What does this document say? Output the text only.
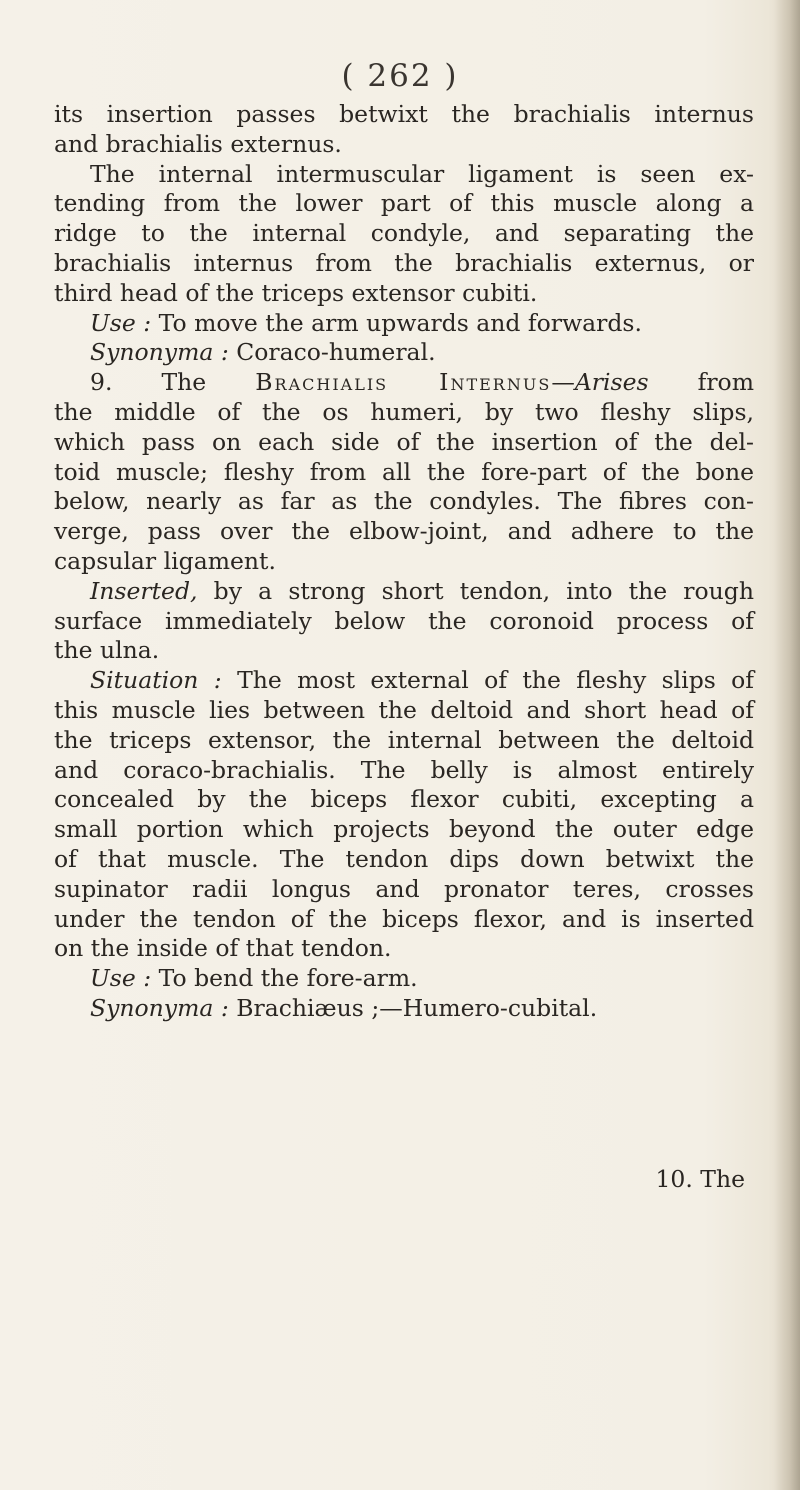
( 262 )
its insertion passes betwixt the brachialis internus
and brachialis externus.
The internal intermuscular ligament is seen ex-
tending from the lower part of this muscle along a
ridge to the internal condyle, and separating the
brachialis internus from the brachialis externus, or
third head of the triceps extensor cubiti.
Use : To move the arm upwards and forwards.
Synonyma : Coraco-humeral.
9. The Brachialis Internus—Arises from
the middle of the os humeri, by two fleshy slips,
which pass on each side of the insertion of the del-
toid muscle; fleshy from all the fore-part of the bone
below, nearly as far as the condyles. The fibres con-
verge, pass over the elbow-joint, and adhere to the
capsular ligament.
Inserted, by a strong short tendon, into the rough
surface immediately below the coronoid process of
the ulna.
Situation : The most external of the fleshy slips of
this muscle lies between the deltoid and short head of
the triceps extensor, the internal between the deltoid
and coraco-brachialis. The belly is almost entirely
concealed by the biceps flexor cubiti, excepting a
small portion which projects beyond the outer edge
of that muscle. The tendon dips down betwixt the
supinator radii longus and pronator teres, crosses
under the tendon of the biceps flexor, and is inserted
on the inside of that tendon.
Use : To bend the fore-arm.
Synonyma : Brachiæus ;—Humero-cubital.
10. The
